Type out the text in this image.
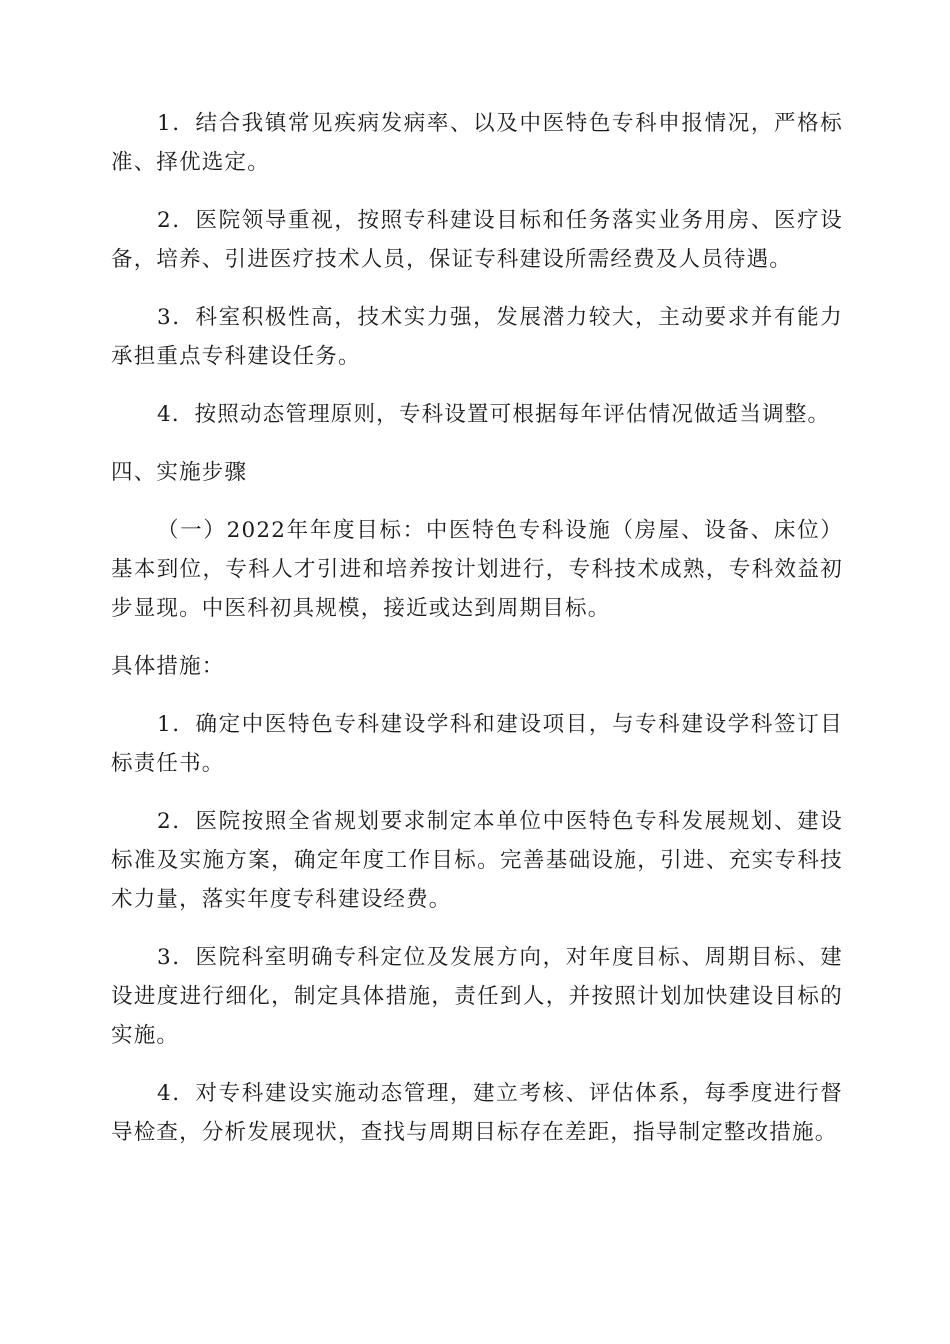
1．结合我镇常见疾病发病率、以及中医特色专科申报情况，严格标准、择优选定。

2．医院领导重视，按照专科建设目标和任务落实业务用房、医疗设备，培养、引进医疗技术人员，保证专科建设所需经费及人员待遇。

3．科室积极性高，技术实力强，发展潜力较大，主动要求并有能力承担重点专科建设任务。

4．按照动态管理原则，专科设置可根据每年评估情况做适当调整。

四、实施步骤

（一）2022年年度目标：中医特色专科设施（房屋、设备、床位）基本到位，专科人才引进和培养按计划进行，专科技术成熟，专科效益初步显现。中医科初具规模，接近或达到周期目标。

具体措施：

1．确定中医特色专科建设学科和建设项目，与专科建设学科签订目标责任书。

2．医院按照全省规划要求制定本单位中医特色专科发展规划、建设标准及实施方案，确定年度工作目标。完善基础设施，引进、充实专科技术力量，落实年度专科建设经费。

3．医院科室明确专科定位及发展方向，对年度目标、周期目标、建设进度进行细化，制定具体措施，责任到人，并按照计划加快建设目标的实施。

4．对专科建设实施动态管理，建立考核、评估体系，每季度进行督导检查，分析发展现状，查找与周期目标存在差距，指导制定整改措施。
